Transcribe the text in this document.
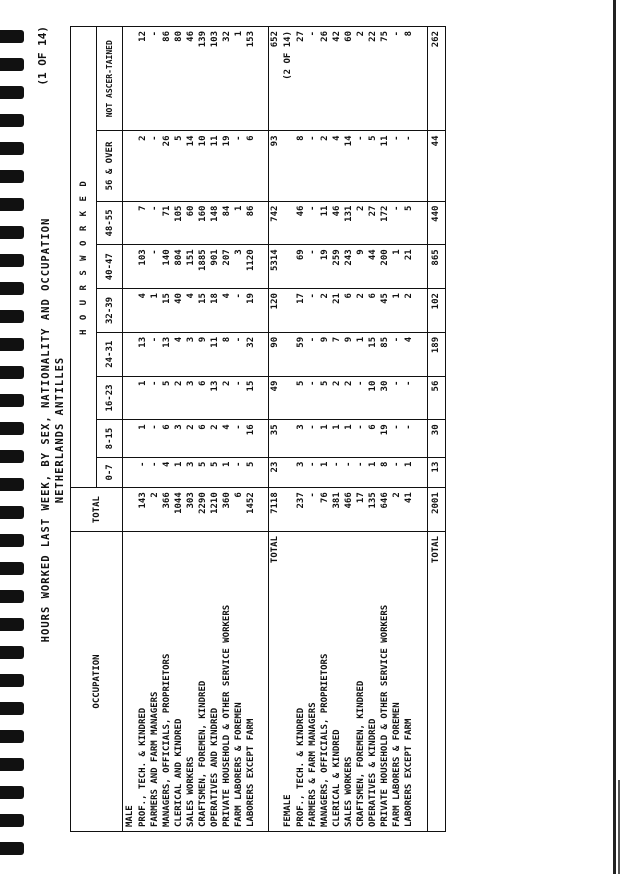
(1 OF 14)
HOURS WORKED LAST WEEK, BY SEX, NATIONALITY AND OCCUPATION NETHERLANDS ANTILLES
OCCUPATION	TOTAL	H O U R S W O R K E D								
		0-7	8-15	16-23	24-31	32-39	40-47	48-55	56 & OVER	NOT ASCER-TAINED
MALE										
PROF., TECH. & KINDRED	143	-	1	1	13	4	103	7	2	12
FARMERS AND FARM MANAGERS	2	-	-	-	-	1	-	-	-	-
MANAGERS, OFFICIALS, PROPRIETORS	366	4	6	5	13	15	140	71	26	86
CLERICAL AND KINDRED	1044	1	3	2	4	40	804	105	5	80
SALES WORKERS	303	3	2	3	3	4	151	60	14	46
CRAFTSMEN, FOREMEN, KINDRED	2290	5	6	6	9	15	1885	160	10	139
OPERATIVES AND KINDRED	1210	5	2	13	11	18	901	148	11	103
PRIVATE HOUSEHOLD & OTHER SERVICE WORKERS	360	1	4	2	8	4	207	84	19	32
FARM LABORERS & FOREMEN	6	-	-	-	-	-	3	1	-	1
LABORERS EXCEPT FARM	1452	5	16	15	32	19	1120	86	6	153

TOTAL	7118	23	35	49	90	120	5314	742	93	652
FEMALE										(2 OF 14)
PROF., TECH. & KINDRED	237	3	3	5	59	17	69	46	8	27
FARMERS & FARM MANAGERS	-	-	-	-	-	-	-	-	-	-
MANAGERS, OFFICIALS, PROPRIETORS	76	1	1	5	9	2	19	11	2	26
CLERICAL & KINDRED	381	-	1	2	7	21	259	46	4	42
SALES WORKERS	466	-	1	2	9	6	243	131	14	60
CRAFTSMEN, FOREMEN, KINDRED	17	-	-	-	1	2	9	2	-	2
OPERATIVES & KINDRED	135	1	6	10	15	6	44	27	5	22
PRIVATE HOUSEHOLD & OTHER SERVICE WORKERS	646	8	19	30	85	45	200	172	11	75
FARM LABORERS & FOREMEN	2	-	-	-	-	1	1	-	-	-
LABORERS EXCEPT FARM	41	1	-	-	4	2	21	5	-	8

TOTAL	2001	13	30	56	189	102	865	440	44	262
